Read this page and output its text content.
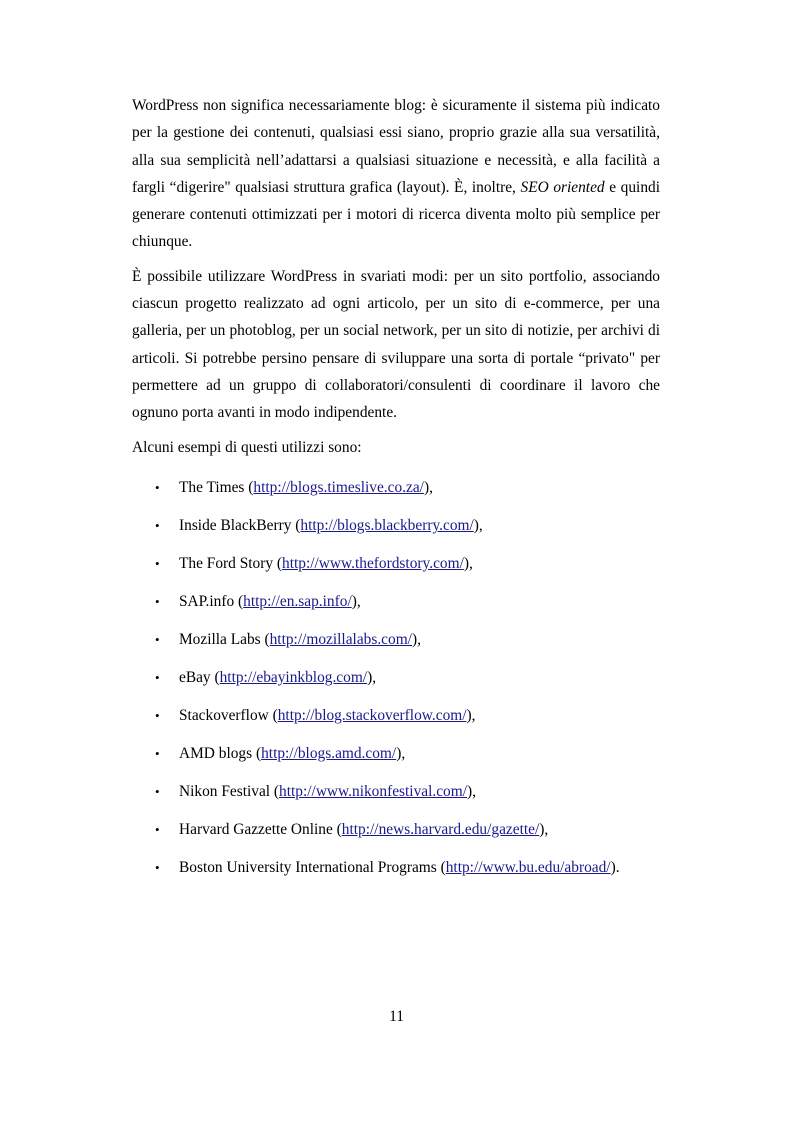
WordPress non significa necessariamente blog: è sicuramente il sistema più indicato per la gestione dei contenuti, qualsiasi essi siano, proprio grazie alla sua versatilità, alla sua semplicità nell’adattarsi a qualsiasi situazione e necessità, e alla facilità a fargli “digerire" qualsiasi struttura grafica (layout). È, inoltre, SEO oriented e quindi generare contenuti ottimizzati per i motori di ricerca diventa molto più semplice per chiunque.

È possibile utilizzare WordPress in svariati modi: per un sito portfolio, associando ciascun progetto realizzato ad ogni articolo, per un sito di e-commerce, per una galleria, per un photoblog, per un social network, per un sito di notizie, per archivi di articoli. Si potrebbe persino pensare di sviluppare una sorta di portale “privato" per permettere ad un gruppo di collaboratori/consulenti di coordinare il lavoro che ognuno porta avanti in modo indipendente.

Alcuni esempi di questi utilizzi sono:

• The Times (http://blogs.timeslive.co.za/),
• Inside BlackBerry (http://blogs.blackberry.com/),
• The Ford Story (http://www.thefordstory.com/),
• SAP.info (http://en.sap.info/),
• Mozilla Labs (http://mozillalabs.com/),
• eBay (http://ebayinkblog.com/),
• Stackoverflow (http://blog.stackoverflow.com/),
• AMD blogs (http://blogs.amd.com/),
• Nikon Festival (http://www.nikonfestival.com/),
• Harvard Gazzette Online (http://news.harvard.edu/gazette/),
• Boston University International Programs (http://www.bu.edu/abroad/).
11
